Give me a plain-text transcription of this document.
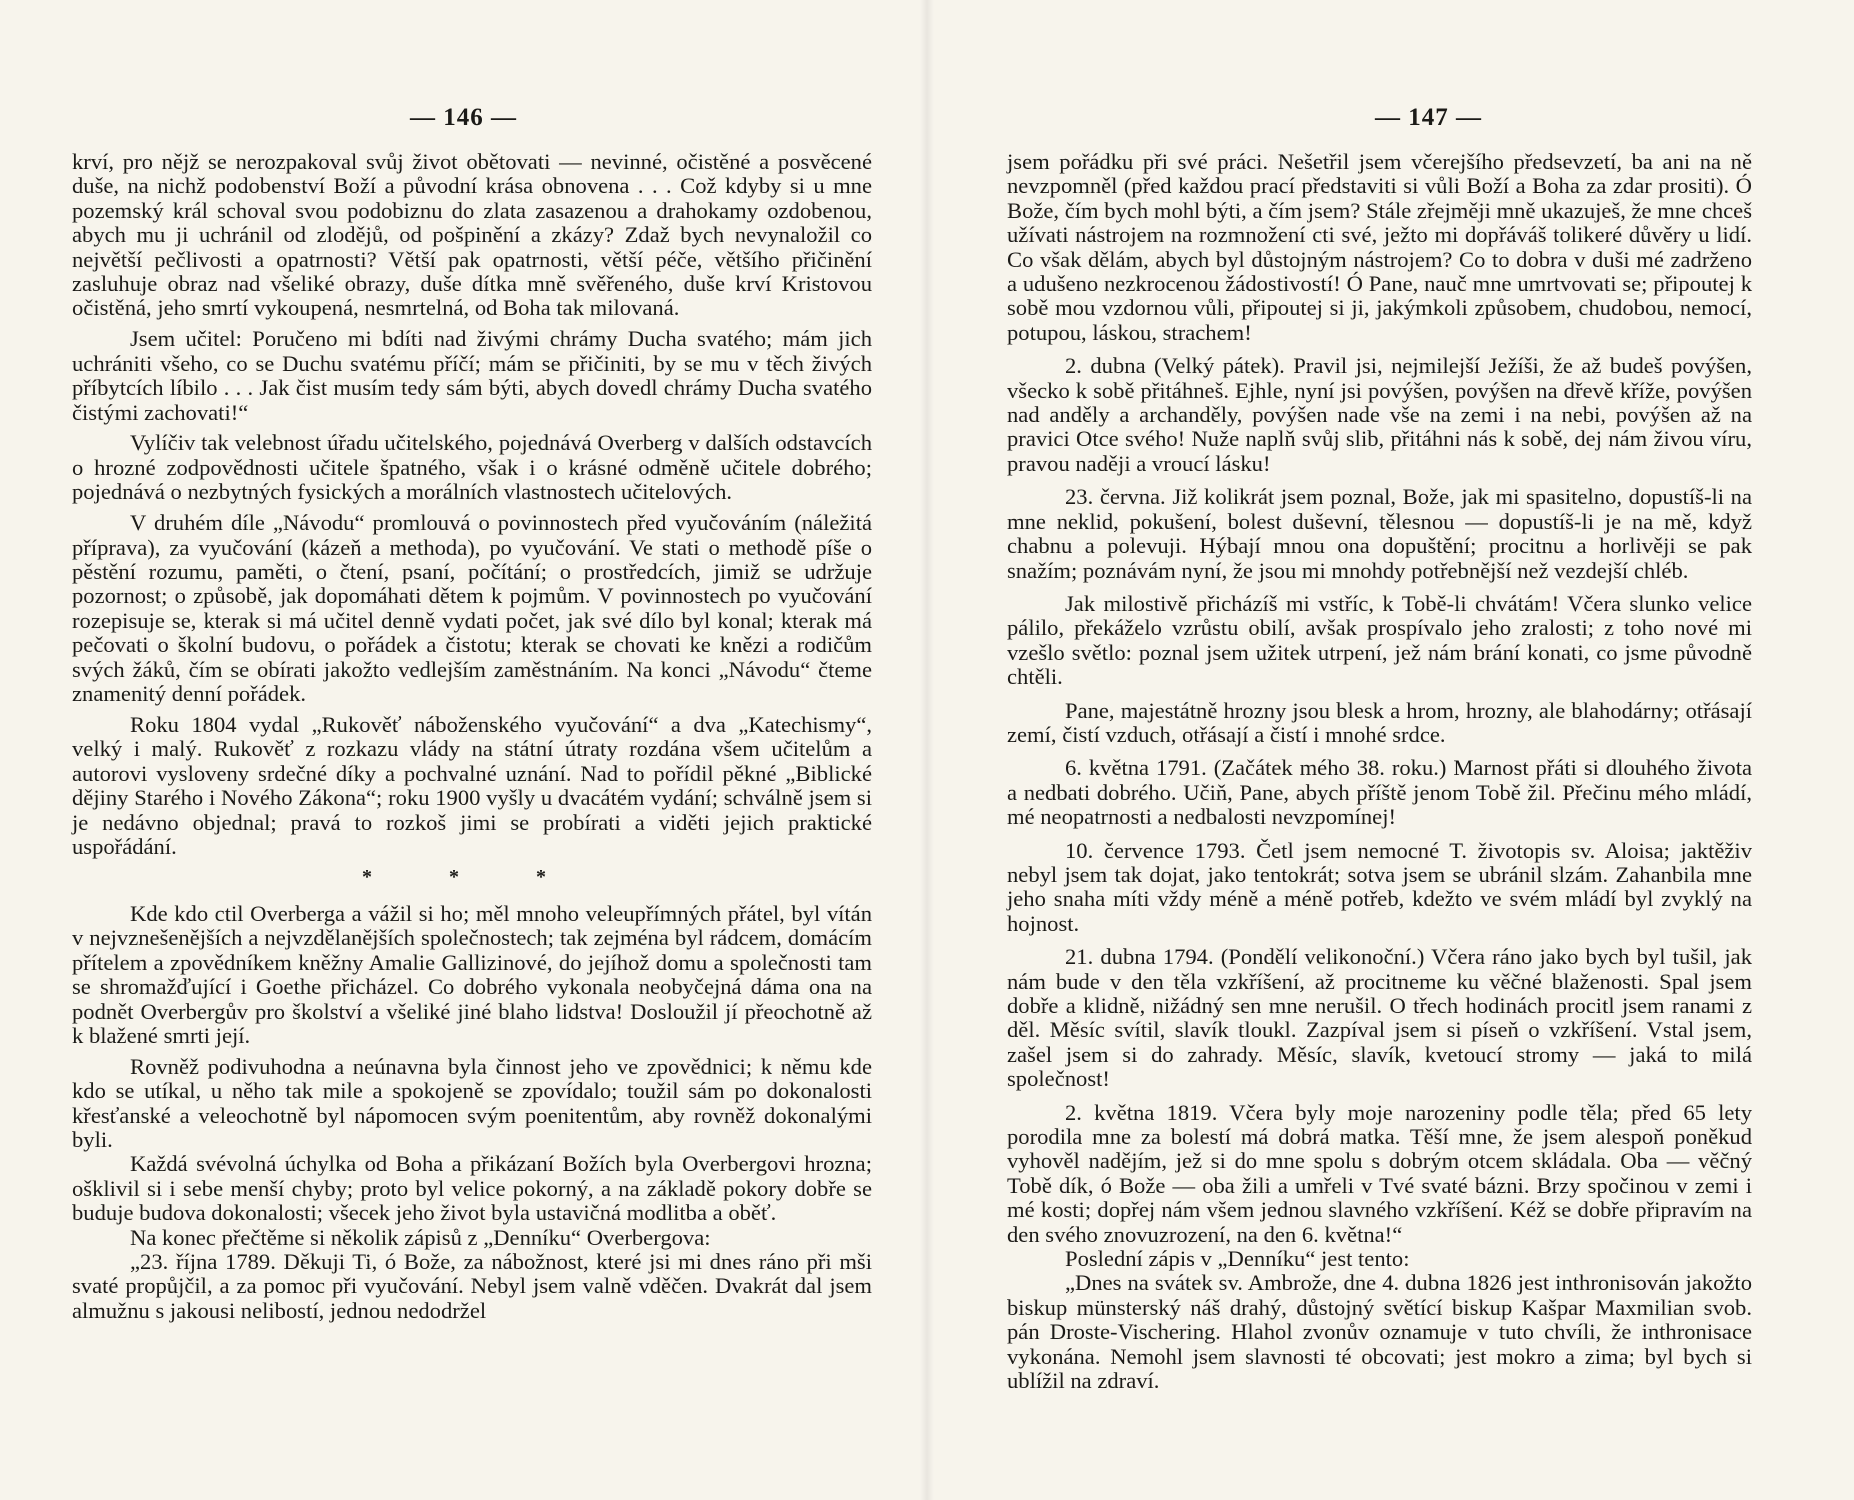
— 146 —

krví, pro nějž se nerozpakoval svůj život obětovati — nevinné, očistěné a posvěcené duše, na nichž podobenství Boží a původní krása obnovena . . . Což kdyby si u mne pozemský král schoval svou podobiznu do zlata zasazenou a drahokamy ozdobenou, abych mu ji uchránil od zlodějů, od pošpinění a zkázy? Zdaž bych nevynaložil co největší pečlivosti a opatrnosti? Větší pak opatrnosti, větší péče, většího přičinění zasluhuje obraz nad všeliké obrazy, duše dítka mně svěřeného, duše krví Kristovou očistěná, jeho smrtí vykoupená, nesmrtelná, od Boha tak milovaná.

Jsem učitel: Poručeno mi bdíti nad živými chrámy Ducha svatého; mám jich uchrániti všeho, co se Duchu svatému příčí; mám se přičiniti, by se mu v těch živých příbytcích líbilo . . . Jak čist musím tedy sám býti, abych dovedl chrámy Ducha svatého čistými zachovati!“

Vylíčiv tak velebnost úřadu učitelského, pojednává Overberg v dalších odstavcích o hrozné zodpovědnosti učitele špatného, však i o krásné odměně učitele dobrého; pojednává o nezbytných fysických a morálních vlastnostech učitelových.

V druhém díle „Návodu“ promlouvá o povinnostech před vyučováním (náležitá příprava), za vyučování (kázeň a methoda), po vyučování. Ve stati o methodě píše o pěstění rozumu, paměti, o čtení, psaní, počítání; o prostředcích, jimiž se udržuje pozornost; o způsobě, jak dopomáhati dětem k pojmům. V povinnostech po vyučování rozepisuje se, kterak si má učitel denně vydati počet, jak své dílo byl konal; kterak má pečovati o školní budovu, o pořádek a čistotu; kterak se chovati ke knězi a rodičům svých žáků, čím se obírati jakožto vedlejším zaměstnáním. Na konci „Návodu“ čteme znamenitý denní pořádek.

Roku 1804 vydal „Rukověť náboženského vyučování“ a dva „Katechismy“, velký i malý. Rukověť z rozkazu vlády na státní útraty rozdána všem učitelům a autorovi vysloveny srdečné díky a pochvalné uznání. Nad to pořídil pěkné „Biblické dějiny Starého i Nového Zákona“; roku 1900 vyšly u dvacátém vydání; schválně jsem si je nedávno objednal; pravá to rozkoš jimi se probírati a viděti jejich praktické uspořádání.

* * *

Kde kdo ctil Overberga a vážil si ho; měl mnoho veleupřímných přátel, byl vítán v nejvznešenějších a nejvzdělanějších společnostech; tak zejména byl rádcem, domácím přítelem a zpovědníkem kněžny Amalie Gallizinové, do jejíhož domu a společnosti tam se shromažďující i Goethe přicházel. Co dobrého vykonala neobyčejná dáma ona na podnět Overbergův pro školství a všeliké jiné blaho lidstva! Dosloužil jí přeochotně až k blažené smrti její.

Rovněž podivuhodna a neúnavna byla činnost jeho ve zpovědnici; k němu kde kdo se utíkal, u něho tak mile a spokojeně se zpovídalo; toužil sám po dokonalosti křesťanské a veleochotně byl nápomocen svým poenitentům, aby rovněž dokonalými byli.

Každá svévolná úchylka od Boha a přikázaní Božích byla Overbergovi hrozna; ošklivil si i sebe menší chyby; proto byl velice pokorný, a na základě pokory dobře se buduje budova dokonalosti; všecek jeho život byla ustavičná modlitba a oběť.

Na konec přečtěme si několik zápisů z „Denníku“ Overbergova:

„23. října 1789. Děkuji Ti, ó Bože, za nábožnost, které jsi mi dnes ráno při mši svaté propůjčil, a za pomoc při vyučování. Nebyl jsem valně vděčen. Dvakrát dal jsem almužnu s jakousi nelibostí, jednou nedodržel

— 147 —

jsem pořádku při své práci. Nešetřil jsem včerejšího předsevzetí, ba ani na ně nevzpomněl (před každou prací představiti si vůli Boží a Boha za zdar prositi). Ó Bože, čím bych mohl býti, a čím jsem? Stále zřejměji mně ukazuješ, že mne chceš užívati nástrojem na rozmnožení cti své, ježto mi dopřáváš tolikeré důvěry u lidí. Co však dělám, abych byl důstojným nástrojem? Co to dobra v duši mé zadrženo a udušeno nezkrocenou žádostivostí! Ó Pane, nauč mne umrtvovati se; připoutej k sobě mou vzdornou vůli, připoutej si ji, jakýmkoli způsobem, chudobou, nemocí, potupou, láskou, strachem!

2. dubna (Velký pátek). Pravil jsi, nejmilejší Ježíši, že až budeš povýšen, všecko k sobě přitáhneš. Ejhle, nyní jsi povýšen, povýšen na dřevě kříže, povýšen nad anděly a archanděly, povýšen nade vše na zemi i na nebi, povýšen až na pravici Otce svého! Nuže naplň svůj slib, přitáhni nás k sobě, dej nám živou víru, pravou naději a vroucí lásku!

23. června. Již kolikrát jsem poznal, Bože, jak mi spasitelno, dopustíš-li na mne neklid, pokušení, bolest duševní, tělesnou — dopustíš-li je na mě, když chabnu a polevuji. Hýbají mnou ona dopuštění; procitnu a horlivěji se pak snažím; poznávám nyní, že jsou mi mnohdy potřebnější než vezdejší chléb.

Jak milostivě přicházíš mi vstříc, k Tobě-li chvátám! Včera slunko velice pálilo, překáželo vzrůstu obilí, avšak prospívalo jeho zralosti; z toho nové mi vzešlo světlo: poznal jsem užitek utrpení, jež nám brání konati, co jsme původně chtěli.

Pane, majestátně hrozny jsou blesk a hrom, hrozny, ale blahodárny; otřásají zemí, čistí vzduch, otřásají a čistí i mnohé srdce.

6. května 1791. (Začátek mého 38. roku.) Marnost přáti si dlouhého života a nedbati dobrého. Učiň, Pane, abych příště jenom Tobě žil. Přečinu mého mládí, mé neopatrnosti a nedbalosti nevzpomínej!

10. července 1793. Četl jsem nemocné T. životopis sv. Aloisa; jaktěživ nebyl jsem tak dojat, jako tentokrát; sotva jsem se ubránil slzám. Zahanbila mne jeho snaha míti vždy méně a méně potřeb, kdežto ve svém mládí byl zvyklý na hojnost.

21. dubna 1794. (Pondělí velikonoční.) Včera ráno jako bych byl tušil, jak nám bude v den těla vzkříšení, až procitneme ku věčné blaženosti. Spal jsem dobře a klidně, nižádný sen mne nerušil. O třech hodinách procitl jsem ranami z děl. Měsíc svítil, slavík tloukl. Zazpíval jsem si píseň o vzkříšení. Vstal jsem, zašel jsem si do zahrady. Měsíc, slavík, kvetoucí stromy — jaká to milá společnost!

2. května 1819. Včera byly moje narozeniny podle těla; před 65 lety porodila mne za bolestí má dobrá matka. Těší mne, že jsem alespoň poněkud vyhověl nadějím, jež si do mne spolu s dobrým otcem skládala. Oba — věčný Tobě dík, ó Bože — oba žili a umřeli v Tvé svaté bázni. Brzy spočinou v zemi i mé kosti; dopřej nám všem jednou slavného vzkříšení. Kéž se dobře připravím na den svého znovuzrození, na den 6. května!“

Poslední zápis v „Denníku“ jest tento:

„Dnes na svátek sv. Ambrože, dne 4. dubna 1826 jest inthronisován jakožto biskup münsterský náš drahý, důstojný světící biskup Kašpar Maxmilian svob. pán Droste-Vischering. Hlahol zvonův oznamuje v tuto chvíli, že inthronisace vykonána. Nemohl jsem slavnosti té obcovati; jest mokro a zima; byl bych si ublížil na zdraví.
